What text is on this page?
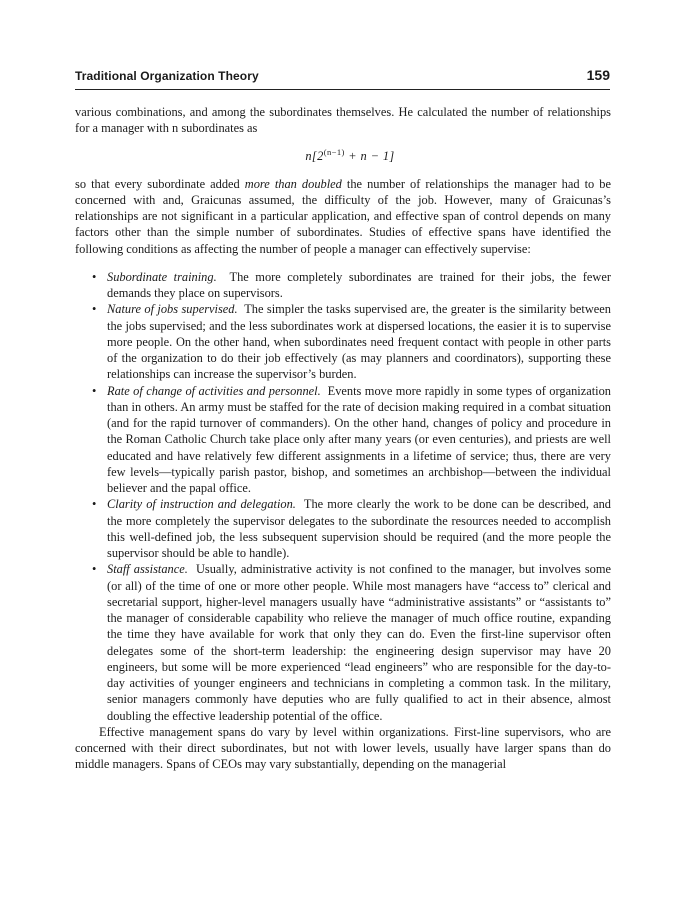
Traditional Organization Theory	159

various combinations, and among the subordinates themselves. He calculated the number of relationships for a manager with n subordinates as

$n[2^{(n-1)} + n - 1]$

so that every subordinate added more than doubled the number of relationships the manager had to be concerned with and, Graicunas assumed, the difficulty of the job. However, many of Graicunas’s relationships are not significant in a particular application, and effective span of control depends on many factors other than the simple number of subordinates. Studies of effective spans have identified the following conditions as affecting the number of people a manager can effectively supervise:

• Subordinate training. The more completely subordinates are trained for their jobs, the fewer demands they place on supervisors.
• Nature of jobs supervised. The simpler the tasks supervised are, the greater is the similarity between the jobs supervised; and the less subordinates work at dispersed locations, the easier it is to supervise more people. On the other hand, when subordinates need frequent contact with people in other parts of the organization to do their job effectively (as may planners and coordinators), supporting these relationships can increase the supervisor’s burden.
• Rate of change of activities and personnel. Events move more rapidly in some types of organization than in others. An army must be staffed for the rate of decision making required in a combat situation (and for the rapid turnover of commanders). On the other hand, changes of policy and procedure in the Roman Catholic Church take place only after many years (or even centuries), and priests are well educated and have relatively few different assignments in a lifetime of service; thus, there are very few levels—typically parish pastor, bishop, and sometimes an archbishop—between the individual believer and the papal office.
• Clarity of instruction and delegation. The more clearly the work to be done can be described, and the more completely the supervisor delegates to the subordinate the resources needed to accomplish this well-defined job, the less subsequent supervision should be required (and the more people the supervisor should be able to handle).
• Staff assistance. Usually, administrative activity is not confined to the manager, but involves some (or all) of the time of one or more other people. While most managers have “access to” clerical and secretarial support, higher-level managers usually have “administrative assistants” or “assistants to” the manager of considerable capability who relieve the manager of much office routine, expanding the time they have available for work that only they can do. Even the first-line supervisor often delegates some of the short-term leadership: the engineering design supervisor may have 20 engineers, but some will be more experienced “lead engineers” who are responsible for the day-to-day activities of younger engineers and technicians in completing a common task. In the military, senior managers commonly have deputies who are fully qualified to act in their absence, almost doubling the effective leadership potential of the office.

Effective management spans do vary by level within organizations. First-line supervisors, who are concerned with their direct subordinates, but not with lower levels, usually have larger spans than do middle managers. Spans of CEOs may vary substantially, depending on the managerial
